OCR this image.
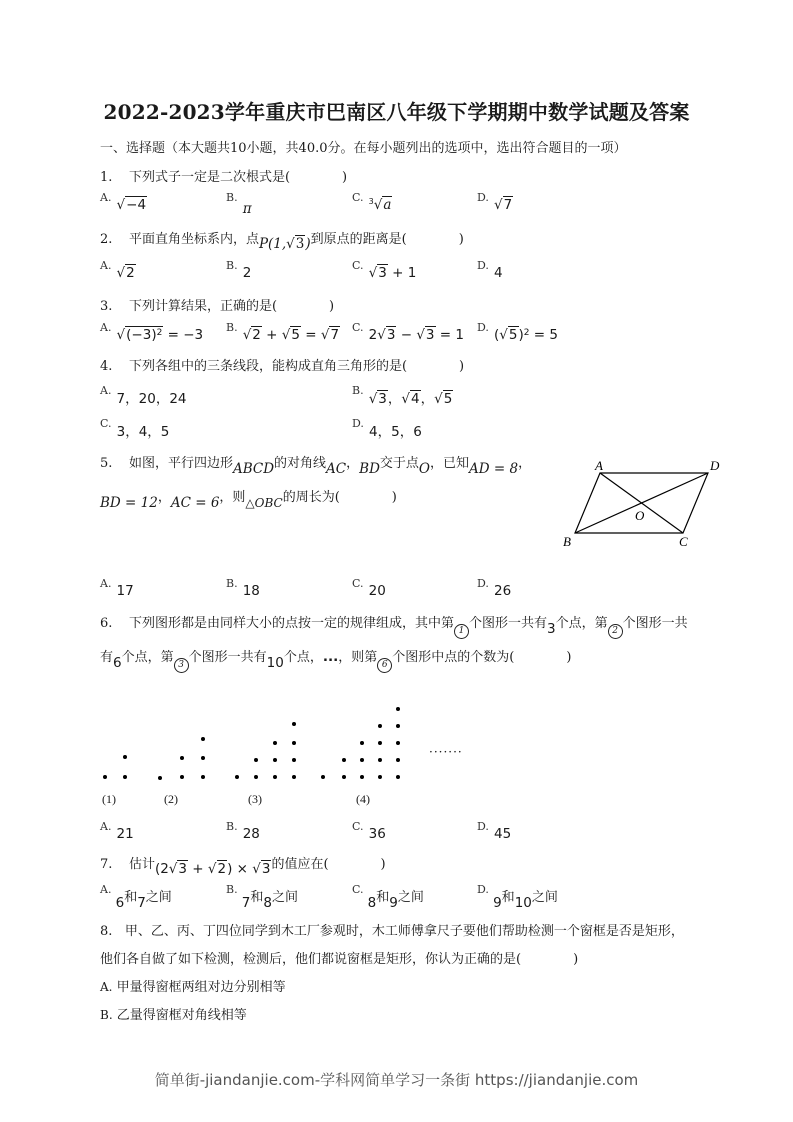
2022-2023学年重庆市巴南区八年级下学期期中数学试题及答案
一、选择题（本大题共10小题，共40.0分。在每小题列出的选项中，选出符合题目的一项）
1. 下列式子一定是二次根式是(	)
$^{A.}$ √−4	$^{B.}$ $_\pi$
$^{C.}$ $^3$√a	$^{D.}$ √7
2. 平面直角坐标系内，点P(1,√3)到原点的距离是(	)
$^{A.}$ √2	$^{B.}$ 2	$^{C.}$ √3 + 1	$^{D.}$ 4
3. 下列计算结果，正确的是(	)
$^{A.}$ $√(-3)^2 = -3$ $^{B.}$ √2 + √5 = √7 $^{C.}$ 2√3 − √3 = 1 $^{D.}$ $(√5)^2 = 5$
4. 下列各组中的三条线段，能构成直角三角形的是(	)
$^{A.}$ 7，20，24
$^{B.}$ √3，√4，√5
$^{C.}$ 3，4，5
$^{D.}$ 4，5，6
5. 如图，平行四边形ABCD的对角线AC，BD交于点O，已知AD = 8，
BD = 12，AC = 6，则△OBC的周长为(	)
A	D
B	C
O
$^{A.}$ 17	$^{B.}$ 18	$^{C.}$ 20	$^{D.}$ 26
6. 下列图形都是由同样大小的点按一定的规律组成，其中第 1 个图形一共有3个点，第 2 个图形一共
有6个点，第 3 个图形一共有10个点，...，则第 6 个图形中点的个数为(	)
·······
(1)	(2)	(3)	(4)
$^{A.}$ 21	$^{B.}$ 28	$^{C.}$ 36	$^{D.}$ 45
7. 估计(2√3 + √2) × √3的值应在(	)
$^{A.}$ 6和7之间
$^{B.}$ 7和8之间
$^{C.}$ 8和9之间
$^{D.}$ 9和10之间
8. 甲、乙、丙、丁四位同学到木工厂参观时，木工师傅拿尺子要他们帮助检测一个窗框是否是矩形，
他们各自做了如下检测，检测后，他们都说窗框是矩形，你认为正确的是(	)
A. 甲量得窗框两组对边分别相等
B. 乙量得窗框对角线相等
简单街-jiandanjie.com-学科网简单学习一条街 https://jiandanjie.com
